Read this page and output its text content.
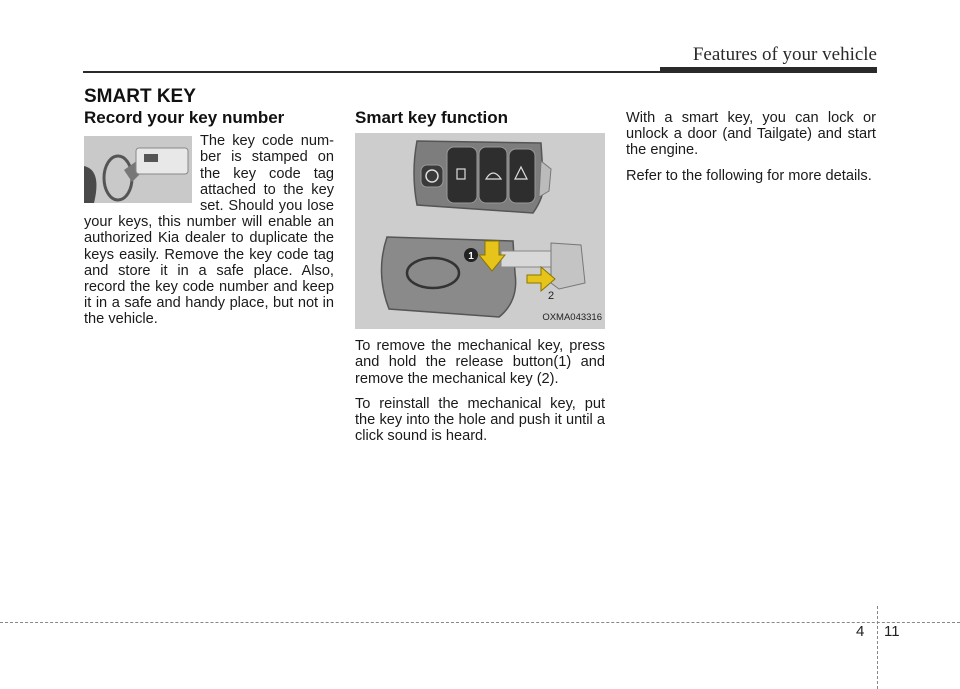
Features of your vehicle
SMART KEY
Record your key number

The key code num-ber is stamped on the key code tag attached to the key set. Should you lose your keys, this number will enable an authorized Kia dealer to duplicate the keys easily. Remove the key code tag and store it in a safe place. Also, record the key code number and keep it in a safe and handy place, but not in the vehicle.

Smart key function
1
2
OXMA043316

To remove the mechanical key, press and hold the release button(1) and remove the mechanical key (2).

To reinstall the mechanical key, put the key into the hole and push it until a click sound is heard.

With a smart key, you can lock or unlock a door (and Tailgate) and start the engine.

Refer to the following for more details.

4 11
